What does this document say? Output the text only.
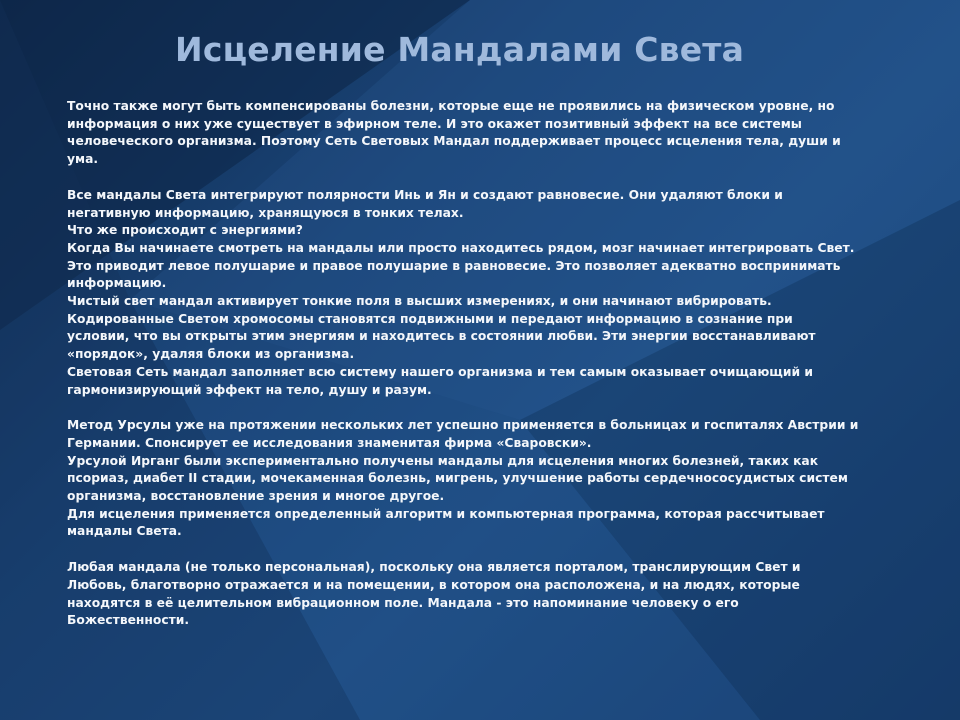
Исцеление Мандалами Света

Точно также могут быть компенсированы болезни, которые еще не проявились на физическом уровне, но
информация о них уже существует в эфирном теле. И это окажет позитивный эффект на все системы
человеческого организма. Поэтому Сеть Световых Мандал поддерживает процесс исцеления тела, души и
ума.

Все мандалы Света интегрируют полярности Инь и Ян и создают равновесие. Они удаляют блоки и
негативную информацию, хранящуюся в тонких телах.
Что же происходит с энергиями?
Когда Вы начинаете смотреть на мандалы или просто находитесь рядом, мозг начинает интегрировать Свет.
Это приводит левое полушарие и правое полушарие в равновесие. Это позволяет адекватно воспринимать
информацию.
Чистый свет мандал активирует тонкие поля в высших измерениях, и они начинают вибрировать.
Кодированные Светом хромосомы становятся подвижными и передают информацию в сознание при
условии, что вы открыты этим энергиям и находитесь в состоянии любви. Эти энергии восстанавливают
«порядок», удаляя блоки из организма.
Световая Сеть мандал заполняет всю систему нашего организма и тем самым оказывает очищающий и
гармонизирующий эффект на тело, душу и разум.

Метод Урсулы уже на протяжении нескольких лет успешно применяется в больницах и госпиталях Австрии и
Германии. Спонсирует ее исследования знаменитая фирма «Сваровски».
Урсулой Ирганг были экспериментально получены мандалы для исцеления многих болезней, таких как
псориаз, диабет II стадии, мочекаменная болезнь, мигрень, улучшение работы сердечнососудистых систем
организма, восстановление зрения и многое другое.
Для исцеления применяется определенный алгоритм и компьютерная программа, которая рассчитывает
мандалы Света.

Любая мандала (не только персональная), поскольку она является порталом, транслирующим Свет и
Любовь, благотворно отражается и на помещении, в котором она расположена, и на людях, которые
находятся в её целительном вибрационном поле. Мандала - это напоминание человеку о его
Божественности.
